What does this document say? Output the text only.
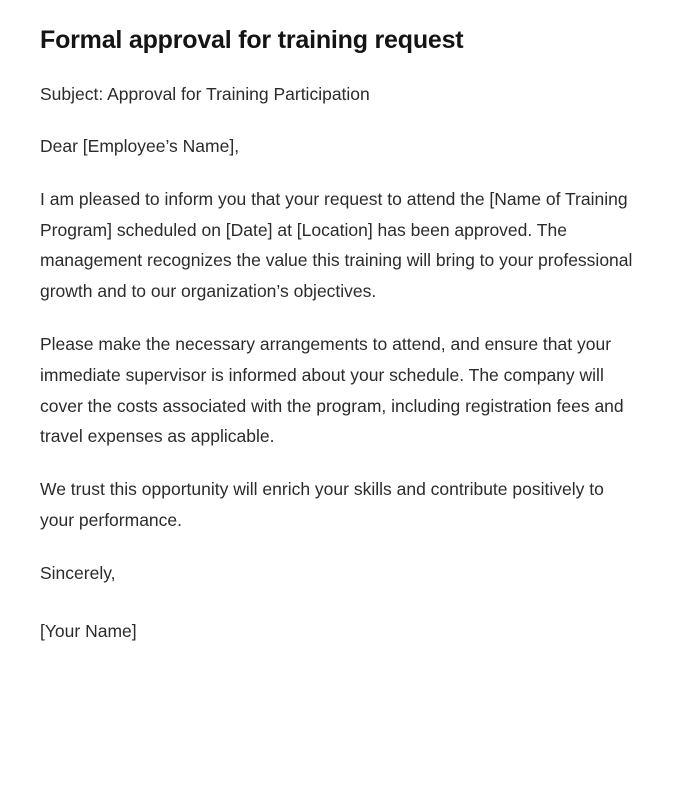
Formal approval for training request

Subject: Approval for Training Participation

Dear [Employee’s Name],

I am pleased to inform you that your request to attend the [Name of Training Program] scheduled on [Date] at [Location] has been approved. The management recognizes the value this training will bring to your professional growth and to our organization’s objectives.

Please make the necessary arrangements to attend, and ensure that your immediate supervisor is informed about your schedule. The company will cover the costs associated with the program, including registration fees and travel expenses as applicable.

We trust this opportunity will enrich your skills and contribute positively to your performance.

Sincerely,

[Your Name]
